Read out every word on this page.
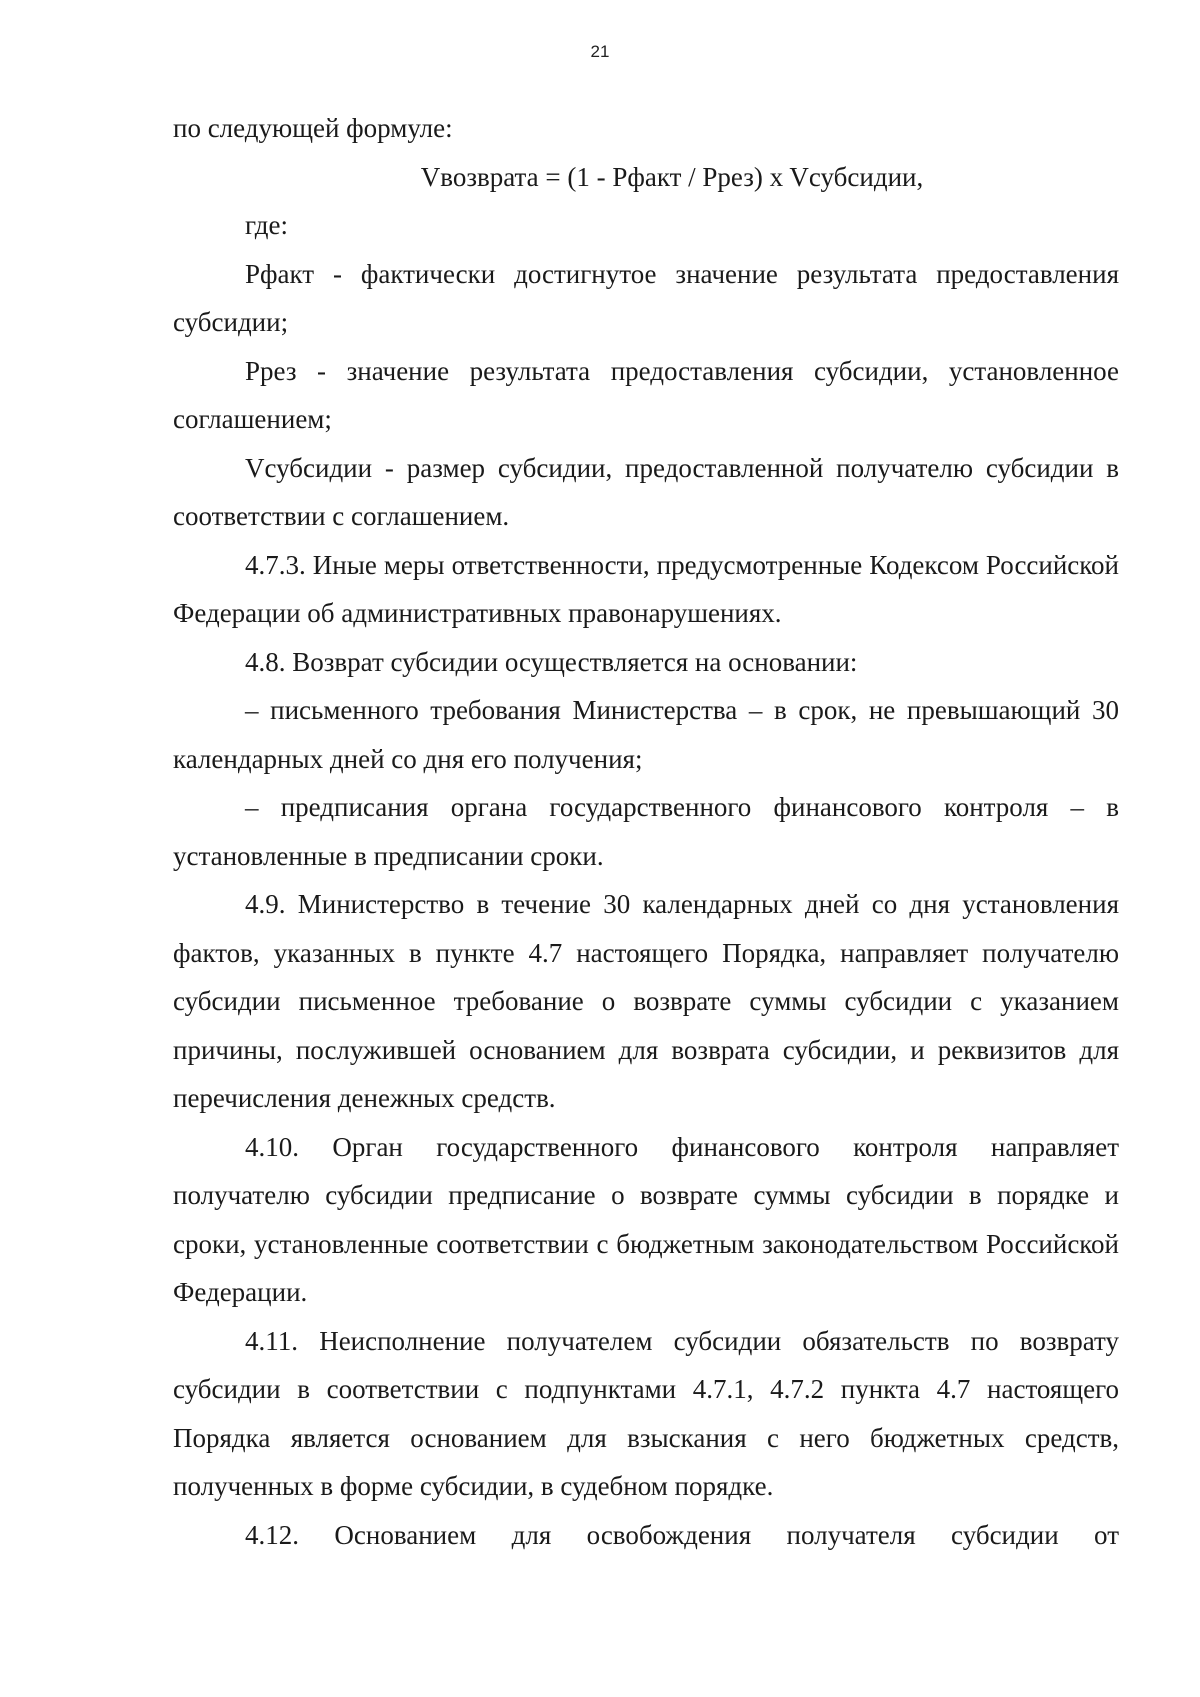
21

по следующей формуле:

Vвозврата = (1 - Pфакт / Pрез) x Vсубсидии,

где:

Рфакт - фактически достигнутое значение результата предоставления субсидии;

Ррез - значение результата предоставления субсидии, установленное соглашением;

Vсубсидии - размер субсидии, предоставленной получателю субсидии в соответствии с соглашением.

4.7.3. Иные меры ответственности, предусмотренные Кодексом Российской Федерации об административных правонарушениях.

4.8. Возврат субсидии осуществляется на основании:

– письменного требования Министерства – в срок, не превышающий 30 календарных дней со дня его получения;

– предписания органа государственного финансового контроля – в установленные в предписании сроки.

4.9. Министерство в течение 30 календарных дней со дня установления фактов, указанных в пункте 4.7 настоящего Порядка, направляет получателю субсидии письменное требование о возврате суммы субсидии с указанием причины, послужившей основанием для возврата субсидии, и реквизитов для перечисления денежных средств.

4.10. Орган государственного финансового контроля направляет получателю субсидии предписание о возврате суммы субсидии в порядке и сроки, установленные соответствии с бюджетным законодательством Российской Федерации.

4.11. Неисполнение получателем субсидии обязательств по возврату субсидии в соответствии с подпунктами 4.7.1, 4.7.2 пункта 4.7 настоящего Порядка является основанием для взыскания с него бюджетных средств, полученных в форме субсидии, в судебном порядке.

4.12. Основанием для освобождения получателя субсидии от
